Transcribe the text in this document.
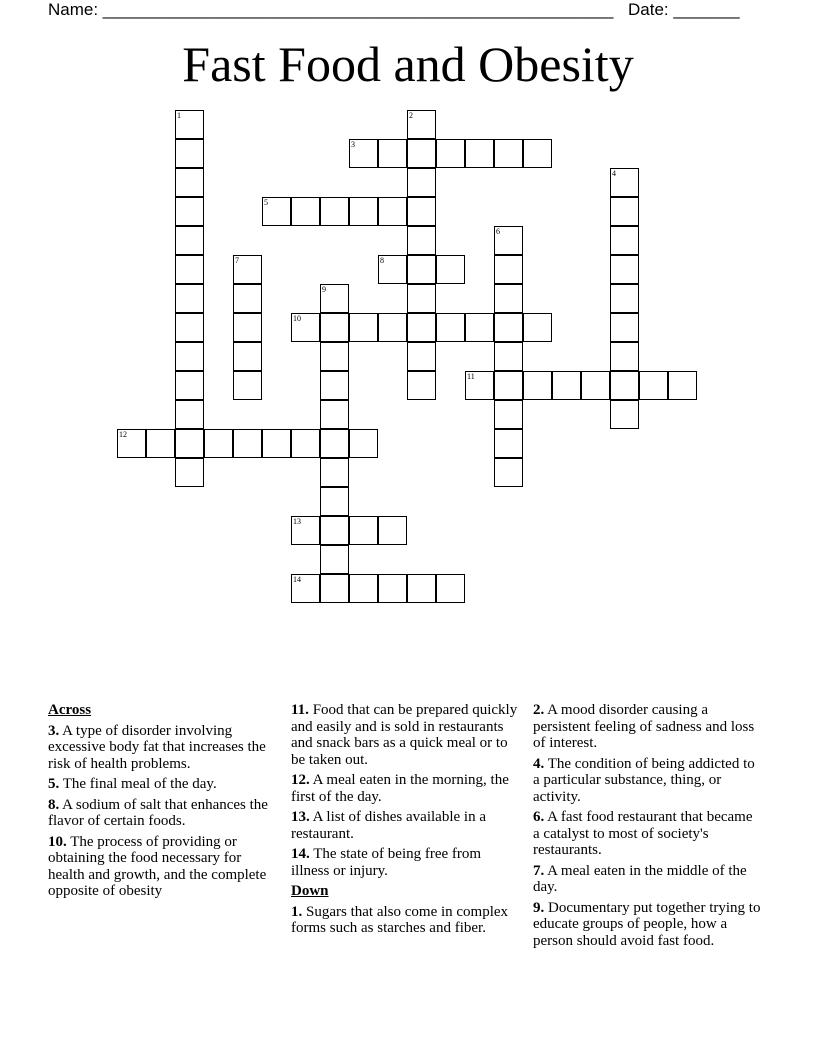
Name: ______________________________________________________ Date: _______
Fast Food and Obesity
3
5
8
10
11
12
13
14
1	2
4
6
7
9
Across
3. A type of disorder involving excessive body fat that increases the risk of health problems.
5. The final meal of the day.
8. A sodium of salt that enhances the flavor of certain foods.
10. The process of providing or obtaining the food necessary for health and growth, and the complete opposite of obesity
11. Food that can be prepared quickly and easily and is sold in restaurants and snack bars as a quick meal or to be taken out.
12. A meal eaten in the morning, the first of the day.
13. A list of dishes available in a restaurant.
14. The state of being free from illness or injury.
Down
1. Sugars that also come in complex forms such as starches and fiber.
2. A mood disorder causing a persistent feeling of sadness and loss of interest.
4. The condition of being addicted to a particular substance, thing, or activity.
6. A fast food restaurant that became a catalyst to most of society's restaurants.
7. A meal eaten in the middle of the day.
9. Documentary put together trying to educate groups of people, how a person should avoid fast food.
